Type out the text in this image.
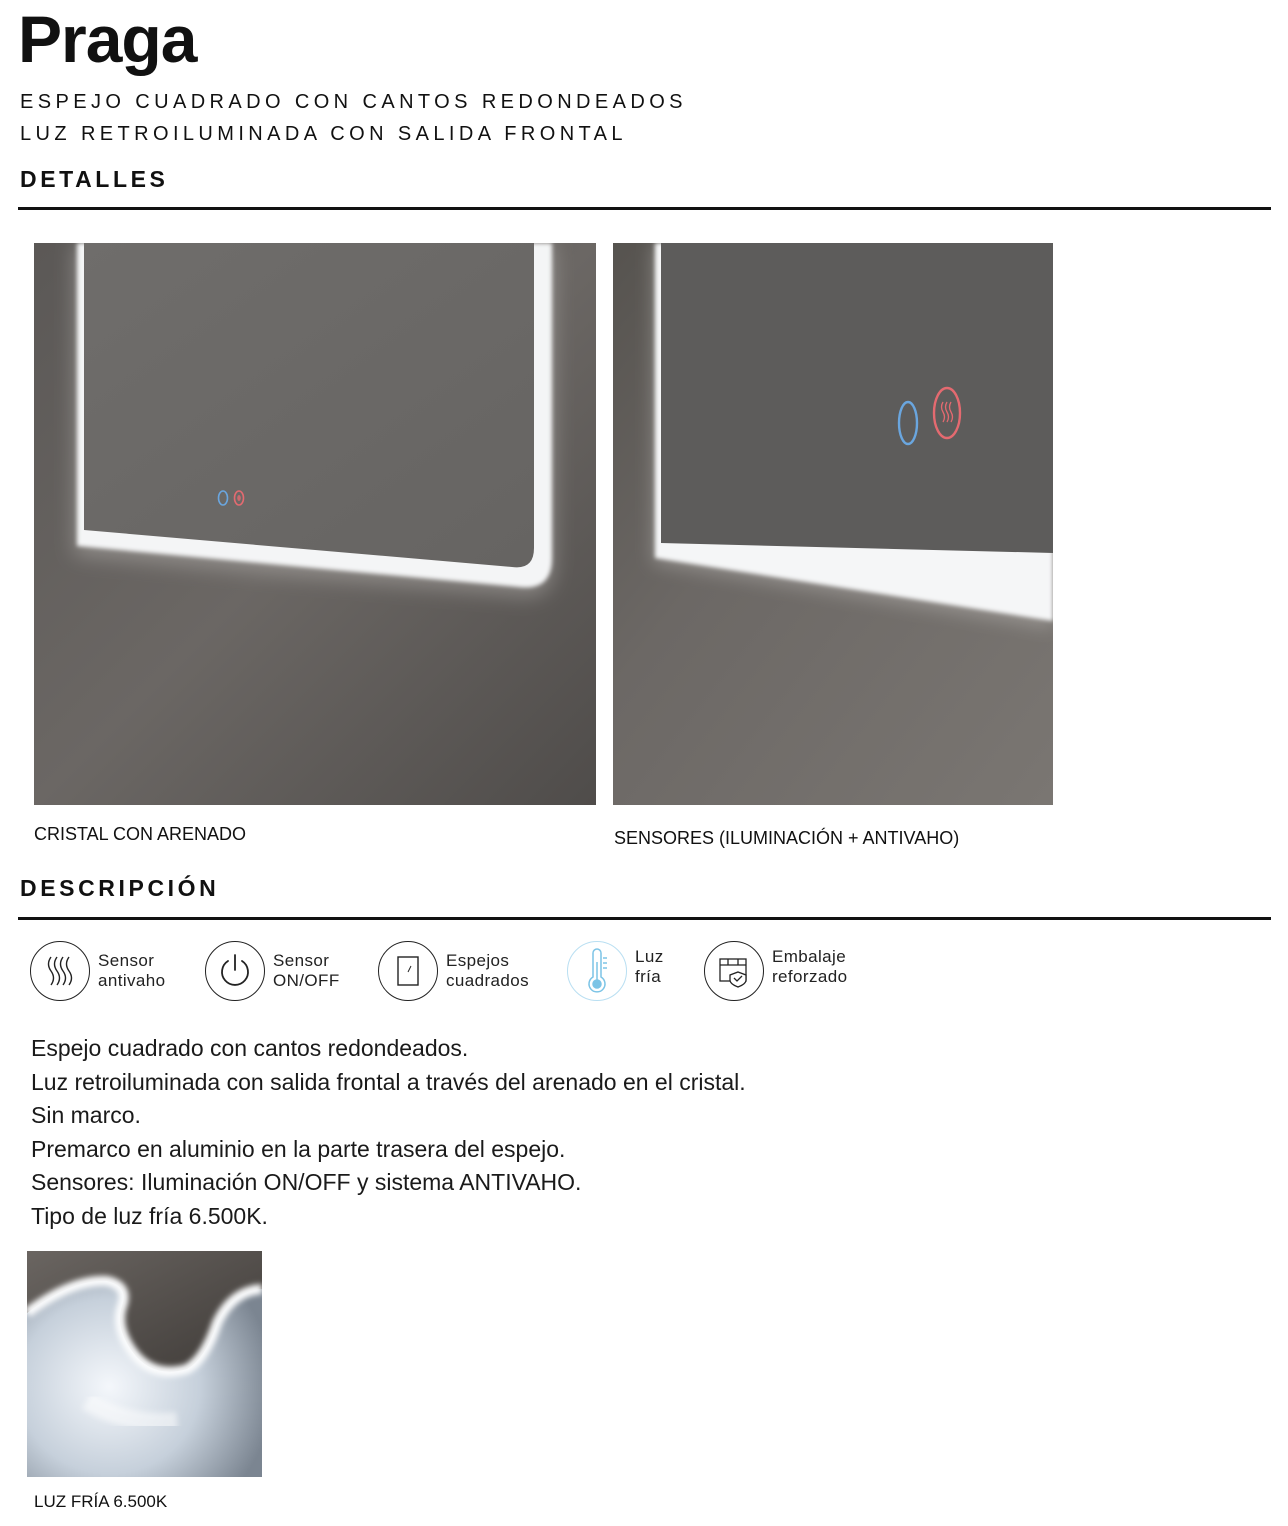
Praga
ESPEJO CUADRADO CON CANTOS REDONDEADOS
LUZ RETROILUMINADA CON SALIDA FRONTAL
DETALLES
CRISTAL CON ARENADO	SENSORES (ILUMINACIÓN + ANTIVAHO)
DESCRIPCIÓN
Sensor
antivaho
Sensor
ON/OFF
Espejos
cuadrados
Luz
fría
Embalaje
reforzado

Espejo cuadrado con cantos redondeados.

Luz retroiluminada con salida frontal a través del arenado en el cristal.

Sin marco.

Premarco en aluminio en la parte trasera del espejo.

Sensores: Iluminación ON/OFF y sistema ANTIVAHO.

Tipo de luz fría 6.500K.

LUZ FRÍA 6.500K
